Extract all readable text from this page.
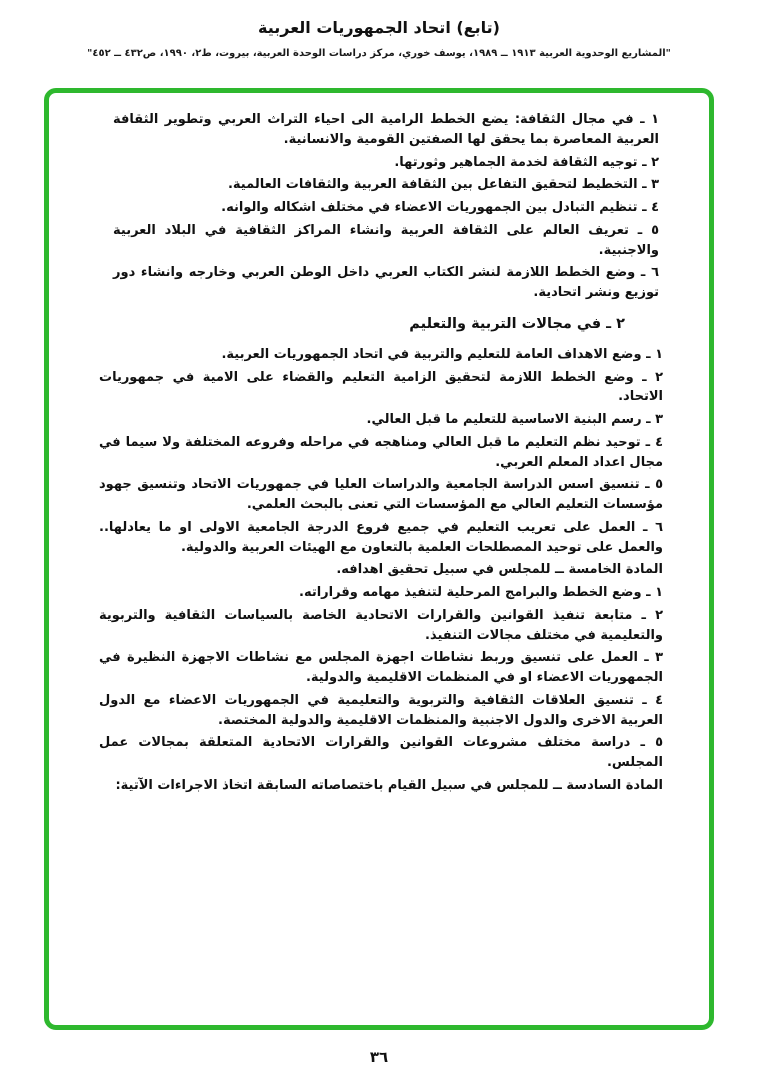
(تابع) اتحاد الجمهوريات العربية

"المشاريع الوحدوية العربية ١٩١٣ ــ ١٩٨٩، يوسف خوري، مركز دراسات الوحدة العربية، بيروت، ط٢، ١٩٩٠، ص٤٣٢ ــ ٤٥٢"

١ ـ في مجال الثقافة: يضع الخطط الرامية الى احياء التراث العربي وتطوير الثقافة العربية المعاصرة بما يحقق لها الصفتين القومية والانسانية.

٢ ـ توجيه الثقافة لخدمة الجماهير وثورتها.

٣ ـ التخطيط لتحقيق التفاعل بين الثقافة العربية والثقافات العالمية.

٤ ـ تنظيم التبادل بين الجمهوريات الاعضاء في مختلف اشكاله والوانه.

٥ ـ تعريف العالم على الثقافة العربية وانشاء المراكز الثقافية في البلاد العربية والاجنبية.

٦ ـ وضع الخطط اللازمة لنشر الكتاب العربي داخل الوطن العربي وخارجه وانشاء دور توزيع ونشر اتحادية.

٢ ـ في مجالات التربية والتعليم

١ ـ وضع الاهداف العامة للتعليم والتربية في اتحاد الجمهوريات العربية.

٢ ـ وضع الخطط اللازمة لتحقيق الزامية التعليم والقضاء على الامية في جمهوريات الاتحاد.

٣ ـ رسم البنية الاساسية للتعليم ما قبل العالي.

٤ ـ توحيد نظم التعليم ما قبل العالي ومناهجه في مراحله وفروعه المختلفة ولا سيما في مجال اعداد المعلم العربي.

٥ ـ تنسيق اسس الدراسة الجامعية والدراسات العليا في جمهوريات الاتحاد وتنسيق جهود مؤسسات التعليم العالي مع المؤسسات التي تعنى بالبحث العلمي.

٦ ـ العمل على تعريب التعليم في جميع فروع الدرجة الجامعية الاولى او ما يعادلها.. والعمل على توحيد المصطلحات العلمية بالتعاون مع الهيئات العربية والدولية.

المادة الخامسة ــ للمجلس في سبيل تحقيق اهدافه.

١ ـ وضع الخطط والبرامج المرحلية لتنفيذ مهامه وقراراته.

٢ ـ متابعة تنفيذ القوانين والقرارات الاتحادية الخاصة بالسياسات الثقافية والتربوية والتعليمية في مختلف مجالات التنفيذ.

٣ ـ العمل على تنسيق وربط نشاطات اجهزة المجلس مع نشاطات الاجهزة النظيرة في الجمهوريات الاعضاء او في المنظمات الاقليمية والدولية.

٤ ـ تنسيق العلاقات الثقافية والتربوية والتعليمية في الجمهوريات الاعضاء مع الدول العربية الاخرى والدول الاجنبية والمنظمات الاقليمية والدولية المختصة.

٥ ـ دراسة مختلف مشروعات القوانين والقرارات الاتحادية المتعلقة بمجالات عمل المجلس.

المادة السادسة ــ للمجلس في سبيل القيام باختصاصاته السابقة اتخاذ الاجراءات الآتية:

٣٦
